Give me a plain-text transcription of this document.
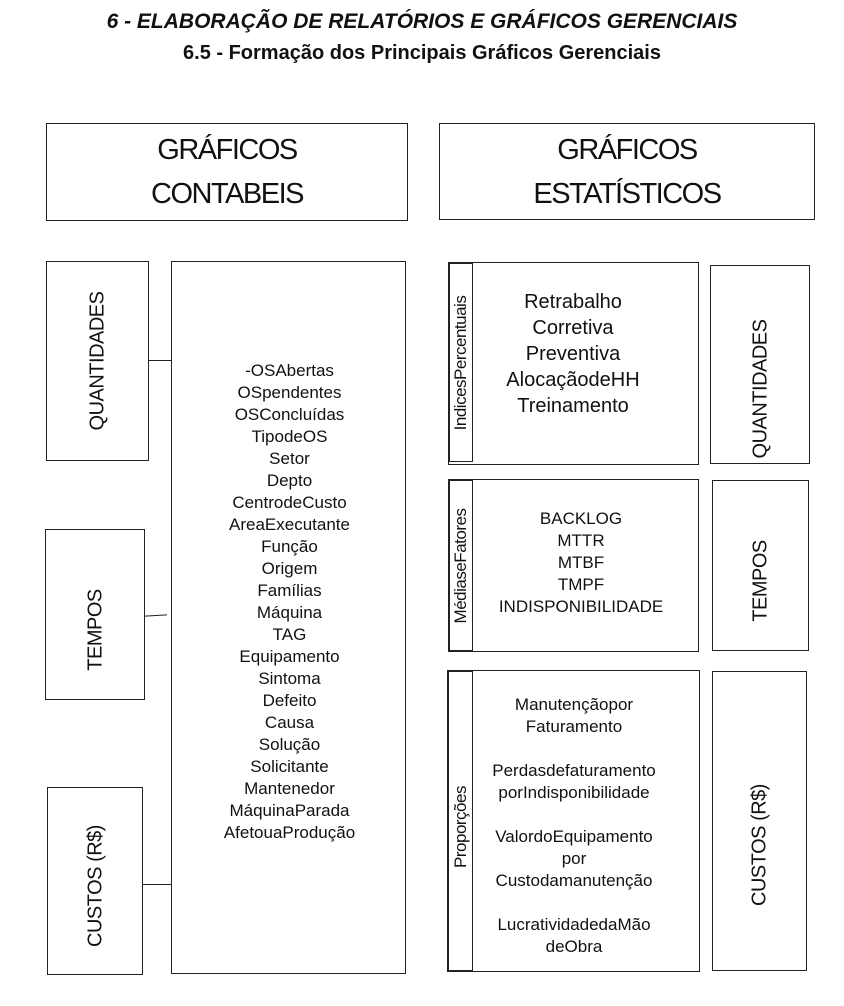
6 - ELABORAÇÃO DE RELATÓRIOS E GRÁFICOS GERENCIAIS
6.5 - Formação dos Principais Gráficos Gerenciais
GRÁFICOS
CONTABEIS
GRÁFICOS
ESTATÍSTICOS
QUANTIDADES
TEMPOS
CUSTOS (R$)
-OSAbertas
OSpendentes
OSConcluídas
TipodeOS
Setor
Depto
CentrodeCusto
AreaExecutante
Função
Origem
Famílias
Máquina
TAG
Equipamento
Sintoma
Defeito
Causa
Solução
Solicitante
Mantenedor
MáquinaParada
AfetouaProdução
IndicesPercentuais	Retrabalho
Corretiva
Preventiva
AlocaçãodeHH
Treinamento	QUANTIDADES
MédiaseFatores	BACKLOG
MTTR
MTBF
TMPF
INDISPONIBILIDADE	TEMPOS
Proporções
Manutençãopor
Faturamento
Perdasdefaturamento
porIndisponibilidade
ValordoEquipamento
por
Custodamanutenção
LucratividadedaMão
deObra
CUSTOS (R$)
